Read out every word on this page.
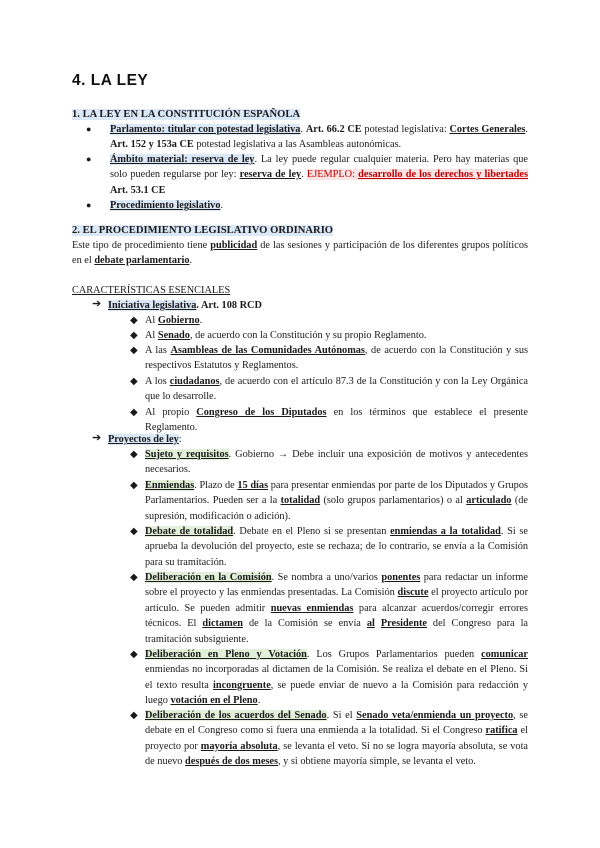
4. LA LEY

1. LA LEY EN LA CONSTITUCIÓN ESPAÑOLA

● Parlamento: titular con potestad legislativa. Art. 66.2 CE potestad legislativa: Cortes Generales. Art. 152 y 153a CE potestad legislativa a las Asambleas autonómicas.

● Ámbito material: reserva de ley. La ley puede regular cualquier materia. Pero hay materias que solo pueden regularse por ley: reserva de ley. EJEMPLO: desarrollo de los derechos y libertades Art. 53.1 CE

● Procedimiento legislativo.

2. EL PROCEDIMIENTO LEGISLATIVO ORDINARIO

Este tipo de procedimiento tiene publicidad de las sesiones y participación de los diferentes grupos políticos en el debate parlamentario.

CARACTERÍSTICAS ESENCIALES

➔ Iniciativa legislativa. Art. 108 RCD

◆ Al Gobierno.

◆ Al Senado, de acuerdo con la Constitución y su propio Reglamento.

◆ A las Asambleas de las Comunidades Autónomas, de acuerdo con la Constitución y sus respectivos Estatutos y Reglamentos.

◆ A los ciudadanos, de acuerdo con el artículo 87.3 de la Constitución y con la Ley Orgánica que lo desarrolle.

◆ Al propio Congreso de los Diputados en los términos que establece el presente Reglamento.

➔ Proyectos de ley:

◆ Sujeto y requisitos. Gobierno → Debe incluir una exposición de motivos y antecedentes necesarios.

◆ Enmiendas. Plazo de 15 días para presentar enmiendas por parte de los Diputados y Grupos Parlamentarios. Pueden ser a la totalidad (solo grupos parlamentarios) o al articulado (de supresión, modificación o adición).

◆ Debate de totalidad. Debate en el Pleno si se presentan enmiendas a la totalidad. Si se aprueba la devolución del proyecto, este se rechaza; de lo contrario, se envía a la Comisión para su tramitación.

◆ Deliberación en la Comisión. Se nombra a uno/varios ponentes para redactar un informe sobre el proyecto y las enmiendas presentadas. La Comisión discute el proyecto artículo por artículo. Se pueden admitir nuevas enmiendas para alcanzar acuerdos/corregir errores técnicos. El dictamen de la Comisión se envía al Presidente del Congreso para la tramitación subsiguiente.

◆ Deliberación en Pleno y Votación. Los Grupos Parlamentarios pueden comunicar enmiendas no incorporadas al dictamen de la Comisión. Se realiza el debate en el Pleno. Si el texto resulta incongruente, se puede enviar de nuevo a la Comisión para redacción y luego votación en el Pleno.

◆ Deliberación de los acuerdos del Senado. Si el Senado veta/enmienda un proyecto, se debate en el Congreso como si fuera una enmienda a la totalidad. Si el Congreso ratifica el proyecto por mayoría absoluta, se levanta el veto. Si no se logra mayoría absoluta, se vota de nuevo después de dos meses, y si obtiene mayoría simple, se levanta el veto.
